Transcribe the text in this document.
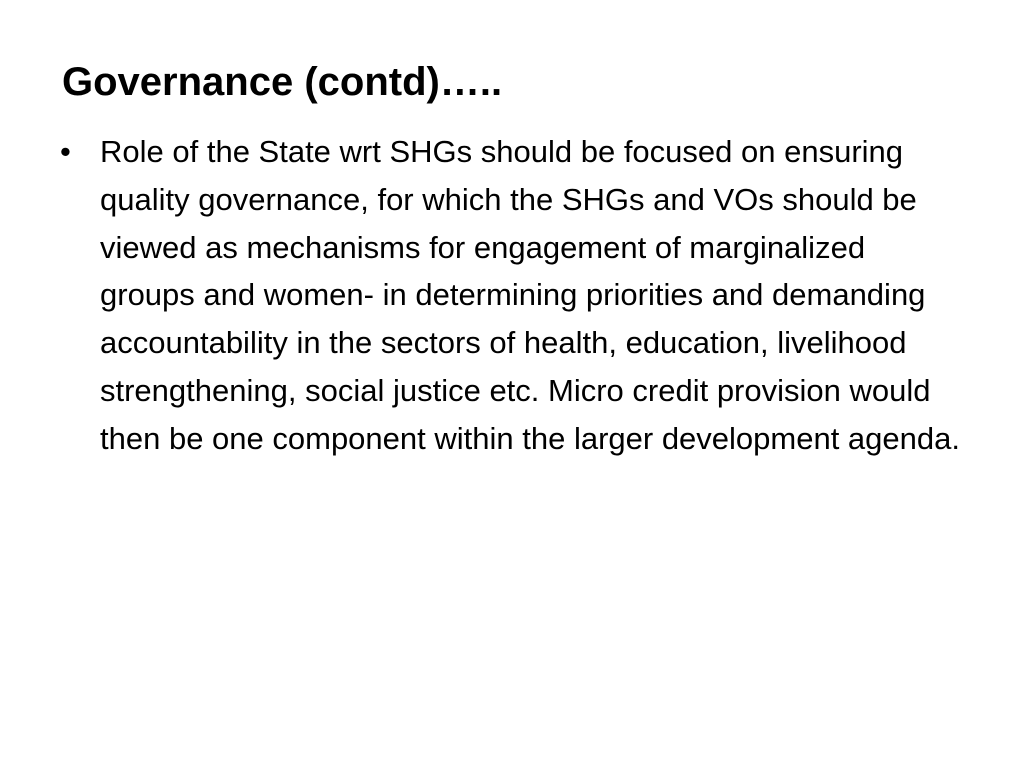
Governance (contd)…..
• Role of the State wrt SHGs should be focused on ensuring quality governance, for which the SHGs and VOs should be viewed as mechanisms for engagement of marginalized groups and women- in determining priorities and demanding accountability in the sectors of health, education, livelihood strengthening, social justice etc. Micro credit provision would then be one component within the larger development agenda.
